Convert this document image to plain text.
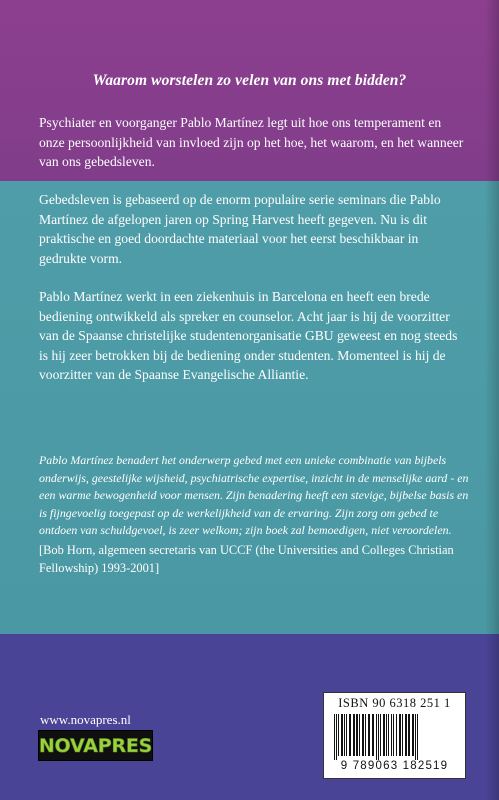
Waarom worstelen zo velen van ons met bidden?

Psychiater en voorganger Pablo Martínez legt uit hoe ons temperament en onze persoonlijkheid van invloed zijn op het hoe, het waarom, en het wanneer van ons gebedsleven.

Gebedsleven is gebaseerd op de enorm populaire serie seminars die Pablo Martínez de afgelopen jaren op Spring Harvest heeft gegeven. Nu is dit praktische en goed doordachte materiaal voor het eerst beschikbaar in gedrukte vorm.

Pablo Martínez werkt in een ziekenhuis in Barcelona en heeft een brede bediening ontwikkeld als spreker en counselor. Acht jaar is hij de voorzitter van de Spaanse christelijke studentenorganisatie GBU geweest en nog steeds is hij zeer betrokken bij de bediening onder studenten. Momenteel is hij de voorzitter van de Spaanse Evangelische Alliantie.

Pablo Martínez benadert het onderwerp gebed met een unieke combinatie van bijbels onderwijs, geestelijke wijsheid, psychiatrische expertise, inzicht in de menselijke aard - en een warme bewogenheid voor mensen. Zijn benadering heeft een stevige, bijbelse basis en is fijngevoelig toegepast op de werkelijkheid van de ervaring. Zijn zorg om gebed te ontdoen van schuldgevoel, is zeer welkom; zijn boek zal bemoedigen, niet veroordelen.

[Bob Horn, algemeen secretaris van UCCF (the Universities and Colleges Christian Fellowship) 1993-2001]

www.novapres.nl
NOVAPRES
ISBN 90 6318 251 1
9 789063 182519
